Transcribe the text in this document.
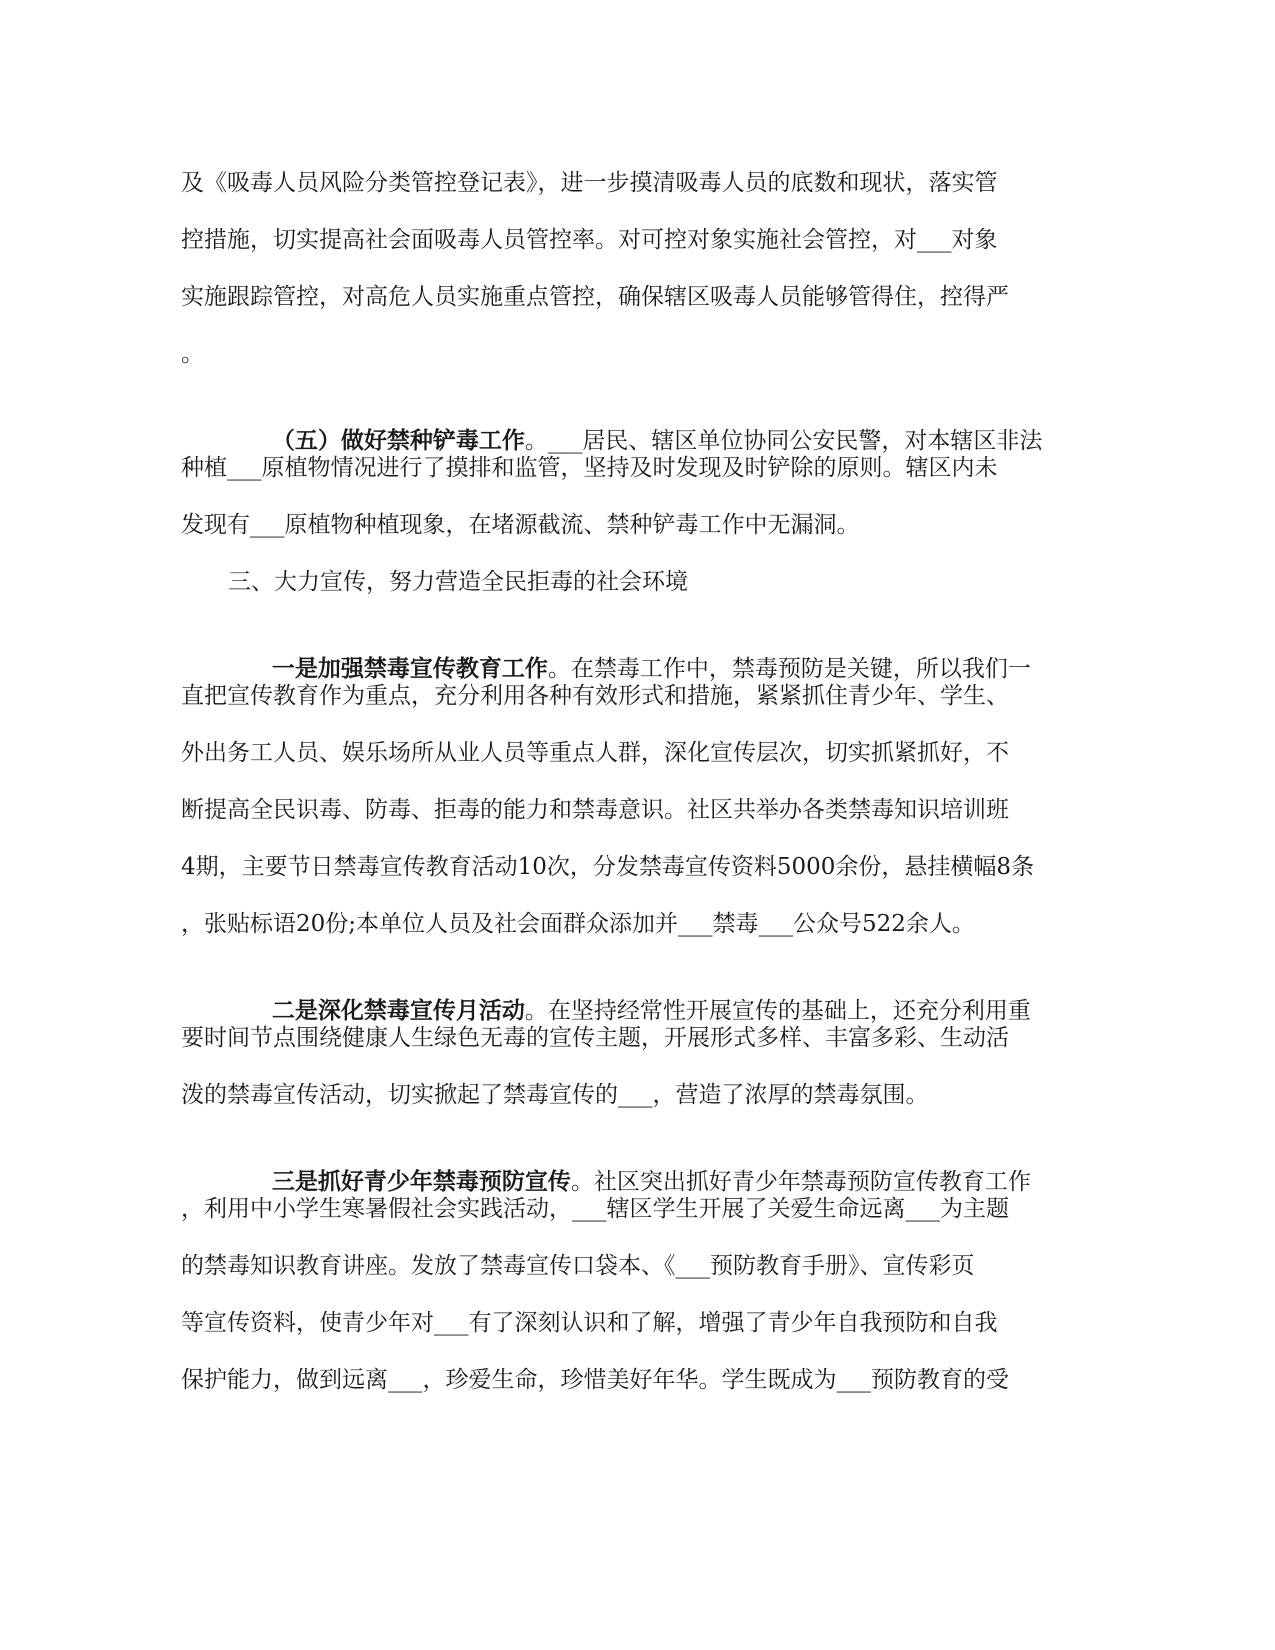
及《吸毒人员风险分类管控登记表》，进一步摸清吸毒人员的底数和现状，落实管
控措施，切实提高社会面吸毒人员管控率。对可控对象实施社会管控，对___对象
实施跟踪管控，对高危人员实施重点管控，确保辖区吸毒人员能够管得住，控得严
。

（五）做好禁种铲毒工作。___居民、辖区单位协同公安民警，对本辖区非法

种植___原植物情况进行了摸排和监管，坚持及时发现及时铲除的原则。辖区内未
发现有___原植物种植现象，在堵源截流、禁种铲毒工作中无漏洞。
三、大力宣传，努力营造全民拒毒的社会环境

一是加强禁毒宣传教育工作。在禁毒工作中，禁毒预防是关键，所以我们一

直把宣传教育作为重点，充分利用各种有效形式和措施，紧紧抓住青少年、学生、
外出务工人员、娱乐场所从业人员等重点人群，深化宣传层次，切实抓紧抓好，不
断提高全民识毒、防毒、拒毒的能力和禁毒意识。社区共举办各类禁毒知识培训班
4期，主要节日禁毒宣传教育活动10次，分发禁毒宣传资料5000余份，悬挂横幅8条
，张贴标语20份;本单位人员及社会面群众添加并___禁毒___公众号522余人。

二是深化禁毒宣传月活动。在坚持经常性开展宣传的基础上，还充分利用重

要时间节点围绕健康人生绿色无毒的宣传主题，开展形式多样、丰富多彩、生动活
泼的禁毒宣传活动，切实掀起了禁毒宣传的___，营造了浓厚的禁毒氛围。

三是抓好青少年禁毒预防宣传。社区突出抓好青少年禁毒预防宣传教育工作

，利用中小学生寒暑假社会实践活动，___辖区学生开展了关爱生命远离___为主题
的禁毒知识教育讲座。发放了禁毒宣传口袋本、《___预防教育手册》、宣传彩页
等宣传资料，使青少年对___有了深刻认识和了解，增强了青少年自我预防和自我
保护能力，做到远离___，珍爱生命，珍惜美好年华。学生既成为___预防教育的受
